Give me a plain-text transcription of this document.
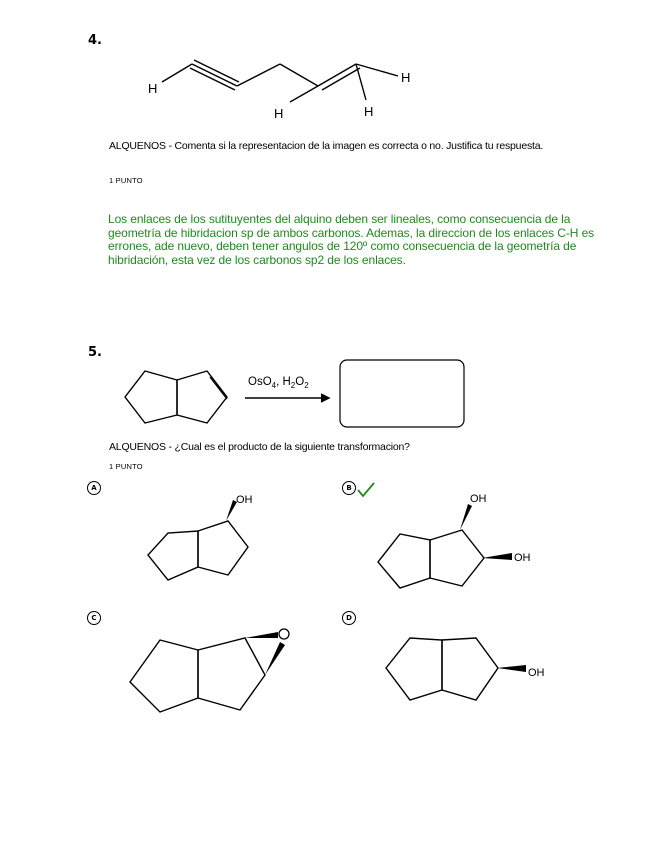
4.
H
H
H
H
ALQUENOS - Comenta si la representacion de la imagen es correcta o no. Justifica tu respuesta.
1 PUNTO
Los enlaces de los sutituyentes del alquino deben ser lineales, como consecuencia de la geometría de hibridacion sp de ambos carbonos. Ademas, la direccion de los enlaces C-H es errones, ade nuevo, deben tener angulos de 120º como consecuencia de la geometría de hibridación, esta vez de los carbonos sp2 de los enlaces.
5.
OsO$_4$, $H_2O_2$
ALQUENOS - ¿Cual es el producto de la siguiente transformacion?
1 PUNTO
A
OH
B
OH
OH
C	D
OH
